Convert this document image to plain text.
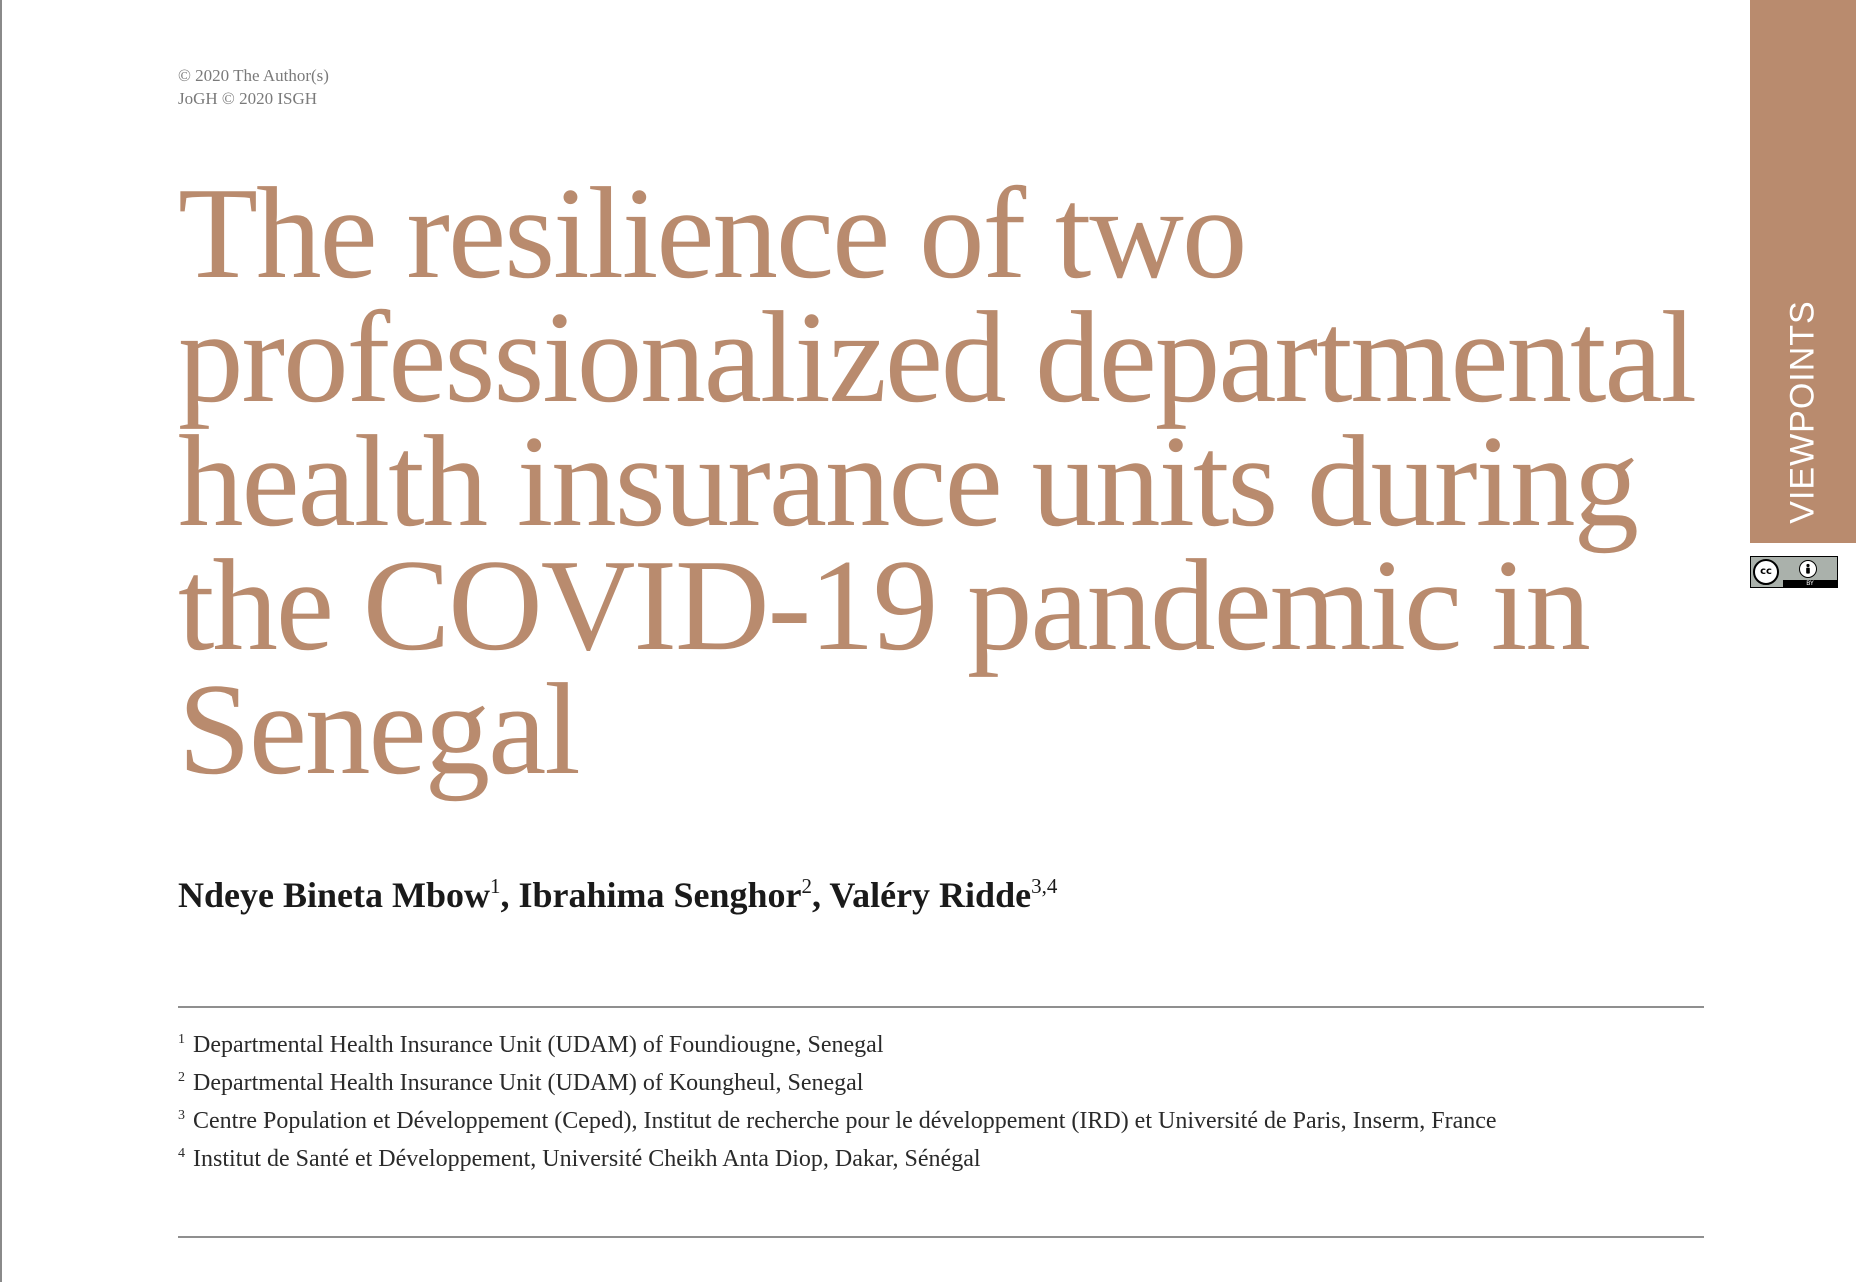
© 2020 The Author(s)
JoGH © 2020 ISGH
The resilience of two professionalized departmental health insurance units during the COVID-19 pandemic in Senegal
Ndeye Bineta Mbow$^1$, Ibrahima Senghor$^2$, Valéry Ridde$^{3,4}$
1 Departmental Health Insurance Unit (UDAM) of Foundiougne, Senegal
2 Departmental Health Insurance Unit (UDAM) of Koungheul, Senegal
3 Centre Population et Développement (Ceped), Institut de recherche pour le développement (IRD) et Université de Paris, Inserm, France
4 Institut de Santé et Développement, Université Cheikh Anta Diop, Dakar, Sénégal
VIEWPOINTS
cc
BY
